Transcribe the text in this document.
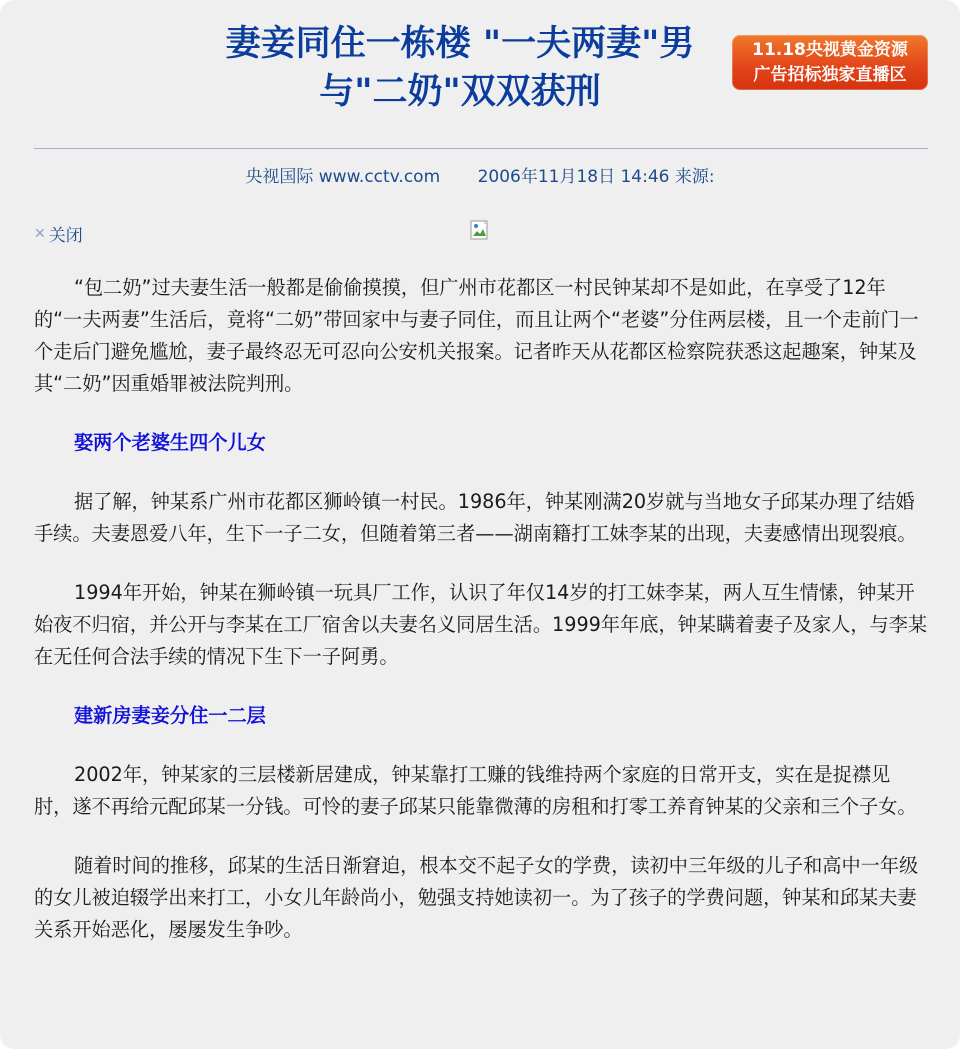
妻妾同住一栋楼 "一夫两妻"男与"二奶"双双获刑
11.18央视黄金资源
广告招标独家直播区
央视国际 www.cctv.com 2006年11月18日 14:46 来源:
✕ 关闭

“包二奶”过夫妻生活一般都是偷偷摸摸，但广州市花都区一村民钟某却不是如此，在享受了12年的“一夫两妻”生活后，竟将“二奶”带回家中与妻子同住，而且让两个“老婆”分住两层楼，且一个走前门一个走后门避免尴尬，妻子最终忍无可忍向公安机关报案。记者昨天从花都区检察院获悉这起趣案，钟某及其“二奶”因重婚罪被法院判刑。

娶两个老婆生四个儿女

据了解，钟某系广州市花都区狮岭镇一村民。1986年，钟某刚满20岁就与当地女子邱某办理了结婚手续。夫妻恩爱八年，生下一子二女，但随着第三者——湖南籍打工妹李某的出现，夫妻感情出现裂痕。

1994年开始，钟某在狮岭镇一玩具厂工作，认识了年仅14岁的打工妹李某，两人互生情愫，钟某开始夜不归宿，并公开与李某在工厂宿舍以夫妻名义同居生活。1999年年底，钟某瞒着妻子及家人，与李某在无任何合法手续的情况下生下一子阿勇。

建新房妻妾分住一二层

2002年，钟某家的三层楼新居建成，钟某靠打工赚的钱维持两个家庭的日常开支，实在是捉襟见肘，遂不再给元配邱某一分钱。可怜的妻子邱某只能靠微薄的房租和打零工养育钟某的父亲和三个子女。

随着时间的推移，邱某的生活日渐窘迫，根本交不起子女的学费，读初中三年级的儿子和高中一年级的女儿被迫辍学出来打工，小女儿年龄尚小，勉强支持她读初一。为了孩子的学费问题，钟某和邱某夫妻关系开始恶化，屡屡发生争吵。
